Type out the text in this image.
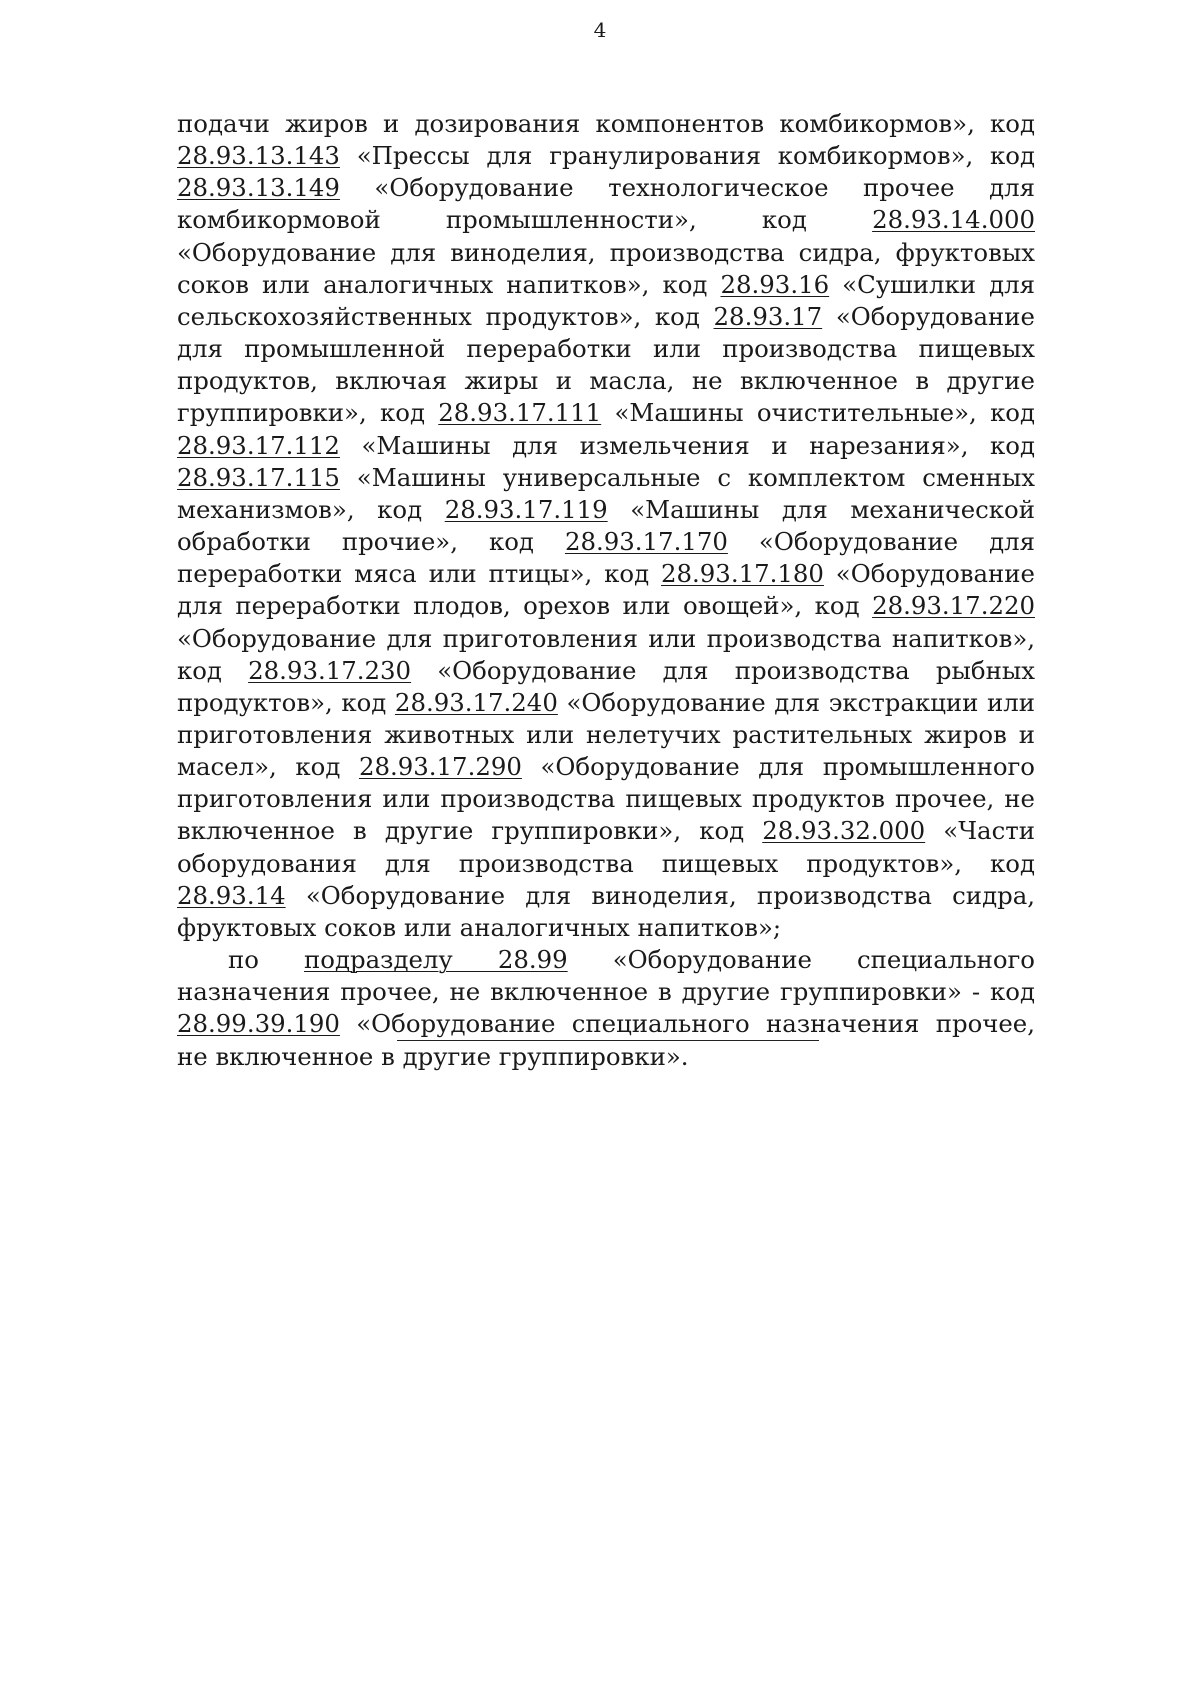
4

подачи жиров и дозирования компонентов комбикормов», код 28.93.13.143 «Прессы для гранулирования комбикормов», код 28.93.13.149 «Оборудование технологическое прочее для комбикормовой промышленности», код 28.93.14.000 «Оборудование для виноделия, производства сидра, фруктовых соков или аналогичных напитков», код 28.93.16 «Сушилки для сельскохозяйственных продуктов», код 28.93.17 «Оборудование для промышленной переработки или производства пищевых продуктов, включая жиры и масла, не включенное в другие группировки», код 28.93.17.111 «Машины очистительные», код 28.93.17.112 «Машины для измельчения и нарезания», код 28.93.17.115 «Машины универсальные с комплектом сменных механизмов», код 28.93.17.119 «Машины для механической обработки прочие», код 28.93.17.170 «Оборудование для переработки мяса или птицы», код 28.93.17.180 «Оборудование для переработки плодов, орехов или овощей», код 28.93.17.220 «Оборудование для приготовления или производства напитков», код 28.93.17.230 «Оборудование для производства рыбных продуктов», код 28.93.17.240 «Оборудование для экстракции или приготовления животных или нелетучих растительных жиров и масел», код 28.93.17.290 «Оборудование для промышленного приготовления или производства пищевых продуктов прочее, не включенное в другие группировки», код 28.93.32.000 «Части оборудования для производства пищевых продуктов», код 28.93.14 «Оборудование для виноделия, производства сидра, фруктовых соков или аналогичных напитков»;

по подразделу 28.99 «Оборудование специального назначения прочее, не включенное в другие группировки» - код 28.99.39.190 «Оборудование специального назначения прочее, не включенное в другие группировки».
